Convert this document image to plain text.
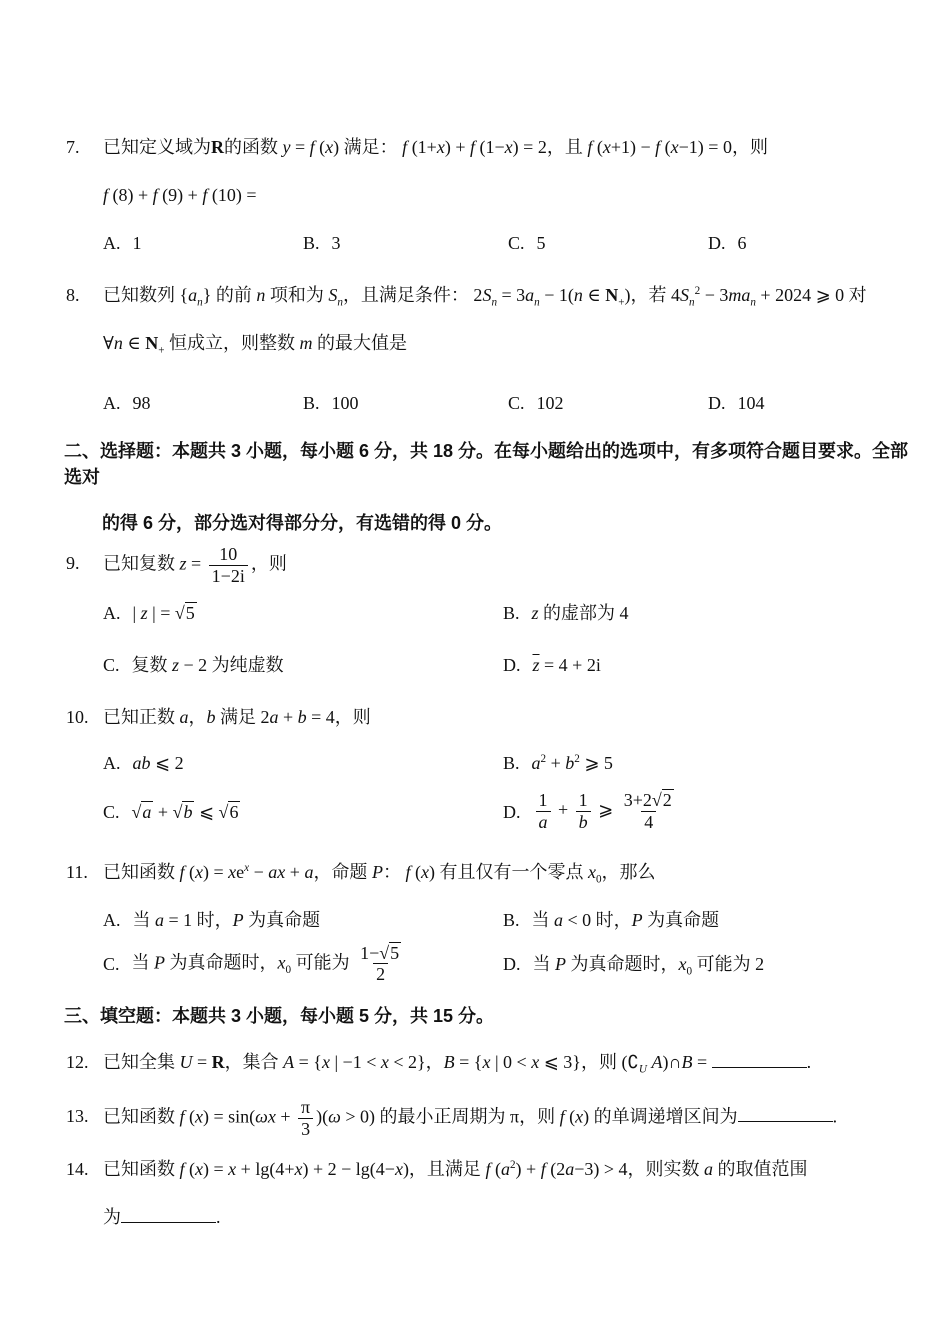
7.	已知定义域为R的函数 y = f (x) 满足： f (1+x) + f (1−x) = 2，且 f (x+1) − f (x−1) = 0，则
f (8) + f (9) + f (10) =
A. 1	B. 3	C. 5	D. 6
8.	已知数列 $\{a_n\}$ 的前 n 项和为 $S_n$，且满足条件： $2S_n = 3a_n - 1(n$ ∈ $N_+$)，若 $4S_n^2 - 3ma_n + 2024$ ⩾ 0 对
∀n ∈ $N_+$ 恒成立，则整数 m 的最大值是
A. 98	B. 100	C. 102	D. 104
二、选择题：本题共 3 小题，每小题 6 分，共 18 分。在每小题给出的选项中，有多项符合题目要求。全部选对
的得 6 分，部分选对得部分分，有选错的得 0 分。
9.	已知复数 $z = \frac{10}{1-2i}$ ，则
A. | z | = √5	B. z 的虚部为 4
C. 复数 z − 2 为纯虚数	D. $\overline{z} = 4 + 2i$
10. 已知正数 a，b 满足 2a + b = 4，则
A. ab ⩽ 2	B. $a^2 + b^2$ ⩾ 5
C. √a + √b ⩽ √6	D. $\frac{1}{a} + \frac{1}{b}$ ⩾ $\frac{3+2√2}{4}$
11. 已知函数 f $(x) = xe^x$ − ax + a，命题 P： f (x) 有且仅有一个零点 $x_0$，那么
A. 当 a = 1 时，P 为真命题	B. 当 a < 0 时，P 为真命题
C. 当 P 为真命题时，$x_0$ 可能为 $\frac{1-√5}{2}$	D. 当 P 为真命题时，$x_0$ 可能为 2
三、填空题：本题共 3 小题，每小题 5 分，共 15 分。
12. 已知全集 U = R，集合 A = {x | −1 < x < 2}，B = {x | 0 < x ⩽ 3}，则 ($∁_U$ A)∩B =	.
13. 已知函数 f $(x) = \sin(\omega x + \frac{\pi}{3} )(\omega > 0)$ 的最小正周期为 π，则 f (x) 的单调递增区间为	.
14. 已知函数 f (x) = x + lg(4+x) + 2 − lg(4−x)，且满足 f $(a^2) + f$ (2a−3) > 4，则实数 a 的取值范围
为	.
